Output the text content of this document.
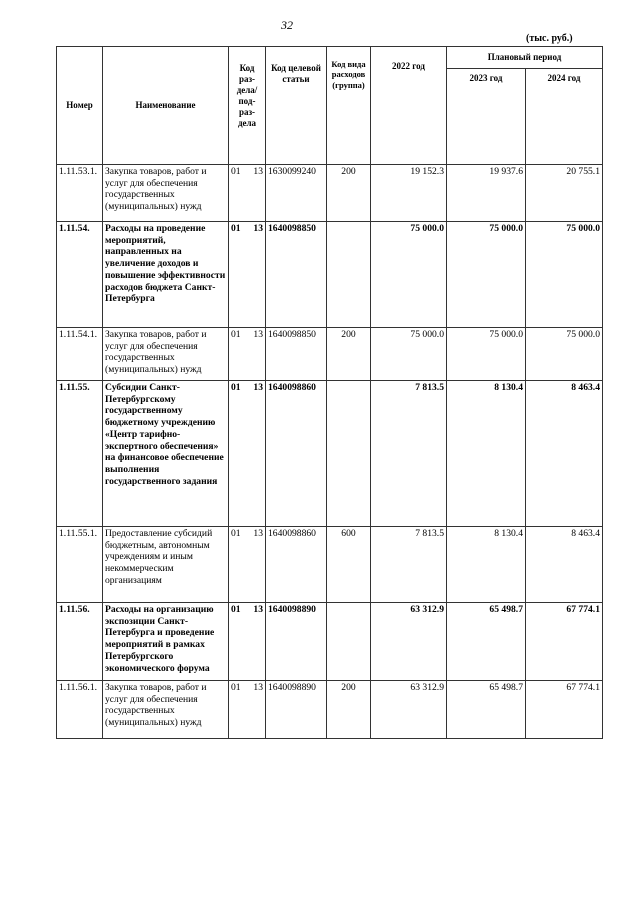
32
(тыс. руб.)
Номер	Наименование	Код раз-дела/ под-раз-дела	Код целевой статьи	Код вида расходов (группа)	2022 год	Плановый период	
						2023 год	2024 год
1.11.53.1.	Закупка товаров, работ и услуг для обеспечения государственных (муниципальных) нужд	01 13	1630099240	200	19 152.3	19 937.6	20 755.1
1.11.54.	Расходы на проведение мероприятий, направленных на увеличение доходов и повышение эффективности расходов бюджета Санкт-Петербурга	01 13	1640098850		75 000.0	75 000.0	75 000.0
1.11.54.1.	Закупка товаров, работ и услуг для обеспечения государственных (муниципальных) нужд	01 13	1640098850	200	75 000.0	75 000.0	75 000.0
1.11.55.	Субсидии Санкт-Петербургскому государственному бюджетному учреждению «Центр тарифно-экспертного обеспечения» на финансовое обеспечение выполнения государственного задания	01 13	1640098860		7 813.5	8 130.4	8 463.4
1.11.55.1.	Предоставление субсидий бюджетным, автономным учреждениям и иным некоммерческим организациям	01 13	1640098860	600	7 813.5	8 130.4	8 463.4
1.11.56.	Расходы на организацию экспозиции Санкт-Петербурга и проведение мероприятий в рамках Петербургского экономического форума	01 13	1640098890		63 312.9	65 498.7	67 774.1
1.11.56.1.	Закупка товаров, работ и услуг для обеспечения государственных (муниципальных) нужд	01 13	1640098890	200	63 312.9	65 498.7	67 774.1
